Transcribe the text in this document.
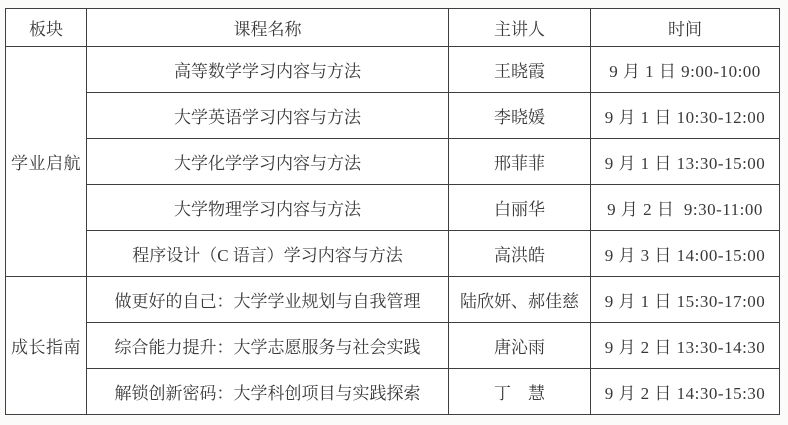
板块	课程名称	主讲人	时间
学业启航	高等数学学习内容与方法	王晓霞	9 月 1 日 9:00-10:00
	大学英语学习内容与方法	李晓媛	9 月 1 日 10:30-12:00
	大学化学学习内容与方法	邢菲菲	9 月 1 日 13:30-15:00
	大学物理学习内容与方法	白丽华	9 月 2 日  9:30-11:00
	程序设计（C 语言）学习内容与方法	高洪皓	9 月 3 日 14:00-15:00
成长指南	做更好的自己：大学学业规划与自我管理	陆欣妍、郝佳慈	9 月 1 日 15:30-17:00
	综合能力提升：大学志愿服务与社会实践	唐沁雨	9 月 2 日 13:30-14:30
	解锁创新密码：大学科创项目与实践探索	丁　慧	9 月 2 日 14:30-15:30
